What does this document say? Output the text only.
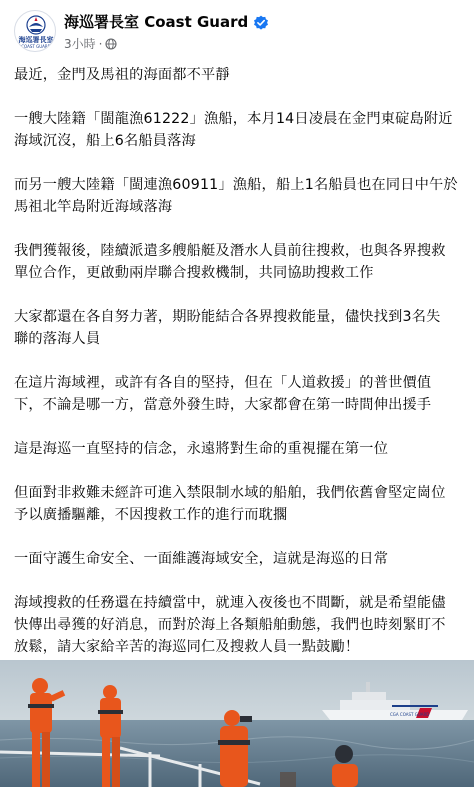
海巡署長室
COAST GUARD
海巡署長室 Coast Guard
3小時 ·

最近，金門及馬祖的海面都不平靜

一艘大陸籍「閩龍漁61222」漁船，本月14日凌晨在金門東碇島附近
海域沉沒，船上6名船員落海

而另一艘大陸籍「閩連漁60911」漁船，船上1名船員也在同日中午於
馬祖北竿島附近海域落海

我們獲報後，陸續派遣多艘船艇及潛水人員前往搜救，也與各界搜救
單位合作，更啟動兩岸聯合搜救機制，共同協助搜救工作

大家都還在各自努力著，期盼能結合各界搜救能量，儘快找到3名失
聯的落海人員

在這片海域裡，或許有各自的堅持，但在「人道救援」的普世價值
下，不論是哪一方，當意外發生時，大家都會在第一時間伸出援手

這是海巡一直堅持的信念，永遠將對生命的重視擺在第一位

但面對非救難未經許可進入禁限制水域的船舶，我們依舊會堅定崗位
予以廣播驅離，不因搜救工作的進行而耽擱

一面守護生命安全、一面維護海域安全，這就是海巡的日常

海域搜救的任務還在持續當中，就連入夜後也不間斷，就是希望能儘
快傳出尋獲的好消息，而對於海上各類船舶動態，我們也時刻緊盯不
放鬆，請大家給辛苦的海巡同仁及搜救人員一點鼓勵！

CGA COAST GUARD
